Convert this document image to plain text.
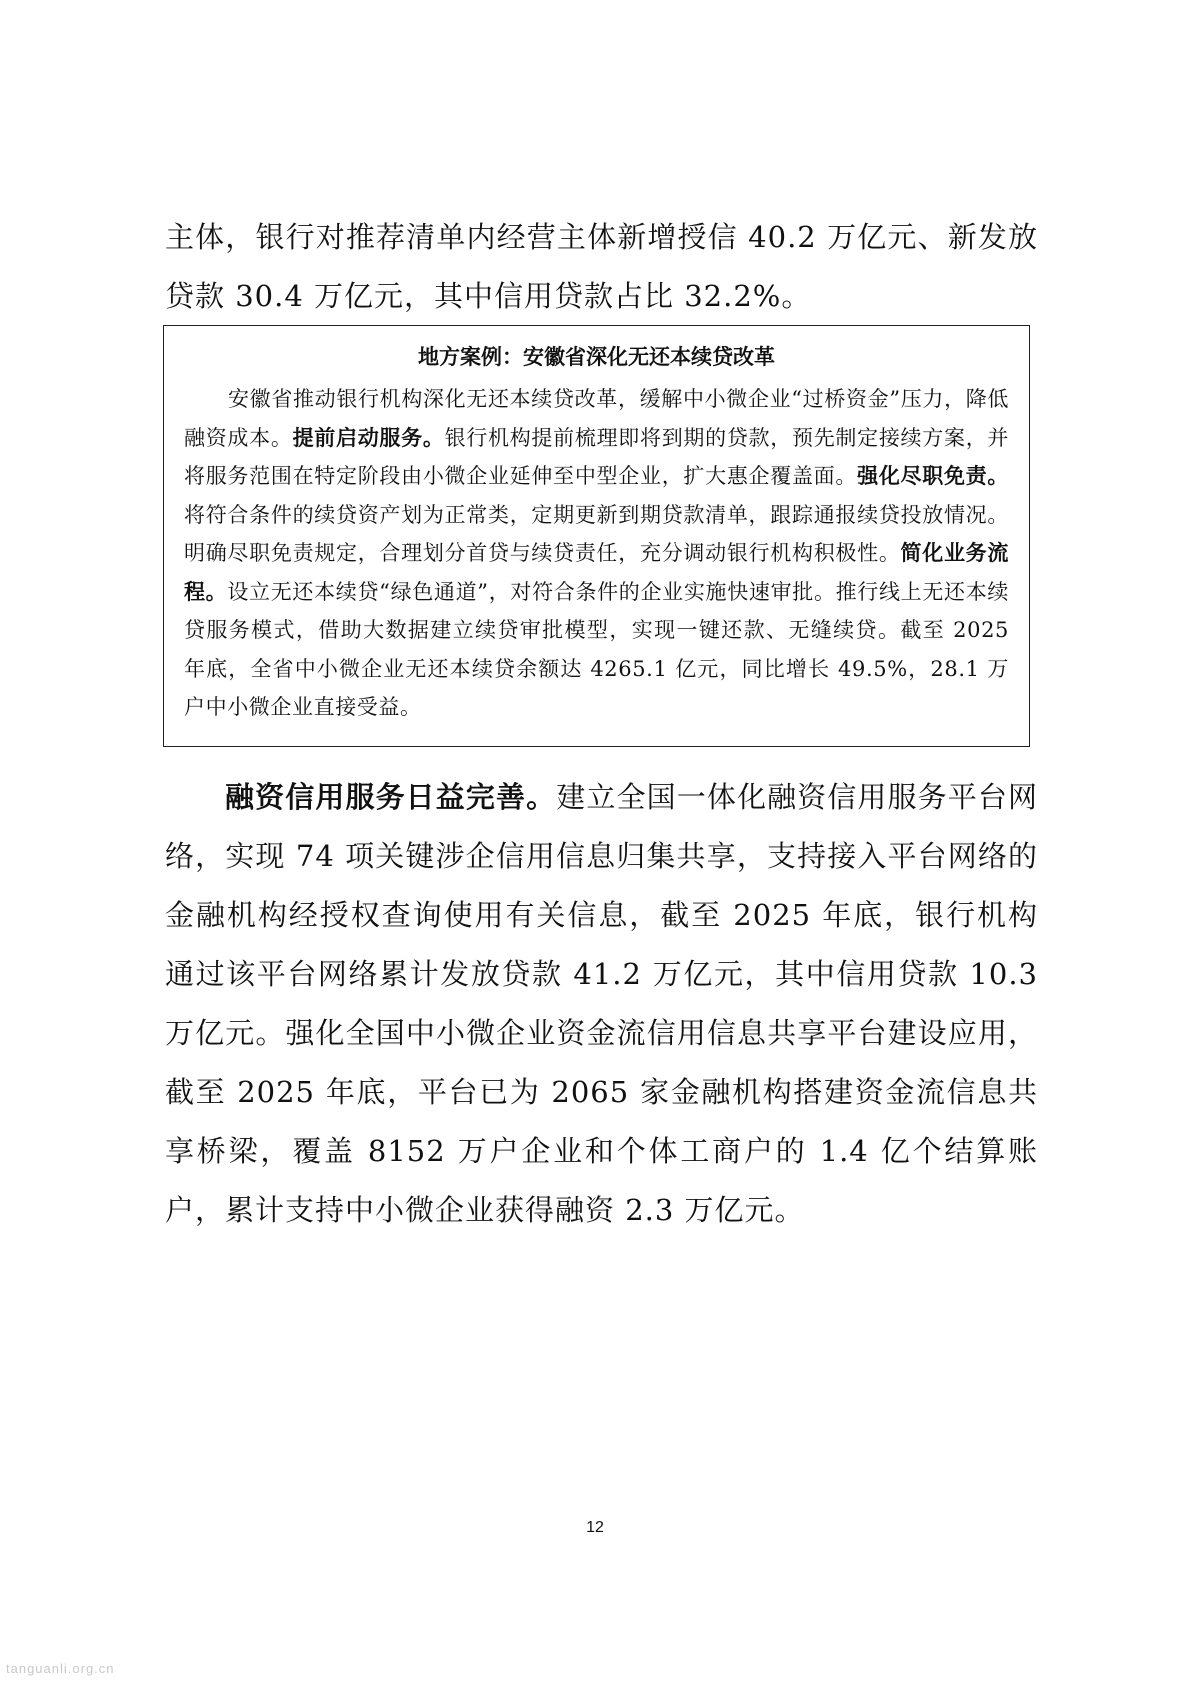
主体，银行对推荐清单内经营主体新增授信 40.2 万亿元、新发放贷款 30.4 万亿元，其中信用贷款占比 32.2%。

地方案例：安徽省深化无还本续贷改革

安徽省推动银行机构深化无还本续贷改革，缓解中小微企业“过桥资金”压力，降低融资成本。提前启动服务。银行机构提前梳理即将到期的贷款，预先制定接续方案，并将服务范围在特定阶段由小微企业延伸至中型企业，扩大惠企覆盖面。强化尽职免责。将符合条件的续贷资产划为正常类，定期更新到期贷款清单，跟踪通报续贷投放情况。明确尽职免责规定，合理划分首贷与续贷责任，充分调动银行机构积极性。简化业务流程。设立无还本续贷“绿色通道”，对符合条件的企业实施快速审批。推行线上无还本续贷服务模式，借助大数据建立续贷审批模型，实现一键还款、无缝续贷。截至 2025 年底，全省中小微企业无还本续贷余额达 4265.1 亿元，同比增长 49.5%，28.1 万户中小微企业直接受益。

融资信用服务日益完善。建立全国一体化融资信用服务平台网络，实现 74 项关键涉企信用信息归集共享，支持接入平台网络的金融机构经授权查询使用有关信息，截至 2025 年底，银行机构通过该平台网络累计发放贷款 41.2 万亿元，其中信用贷款 10.3 万亿元。强化全国中小微企业资金流信用信息共享平台建设应用，截至 2025 年底，平台已为 2065 家金融机构搭建资金流信息共享桥梁，覆盖 8152 万户企业和个体工商户的 1.4 亿个结算账户，累计支持中小微企业获得融资 2.3 万亿元。

12
tanguanli.org.cn
